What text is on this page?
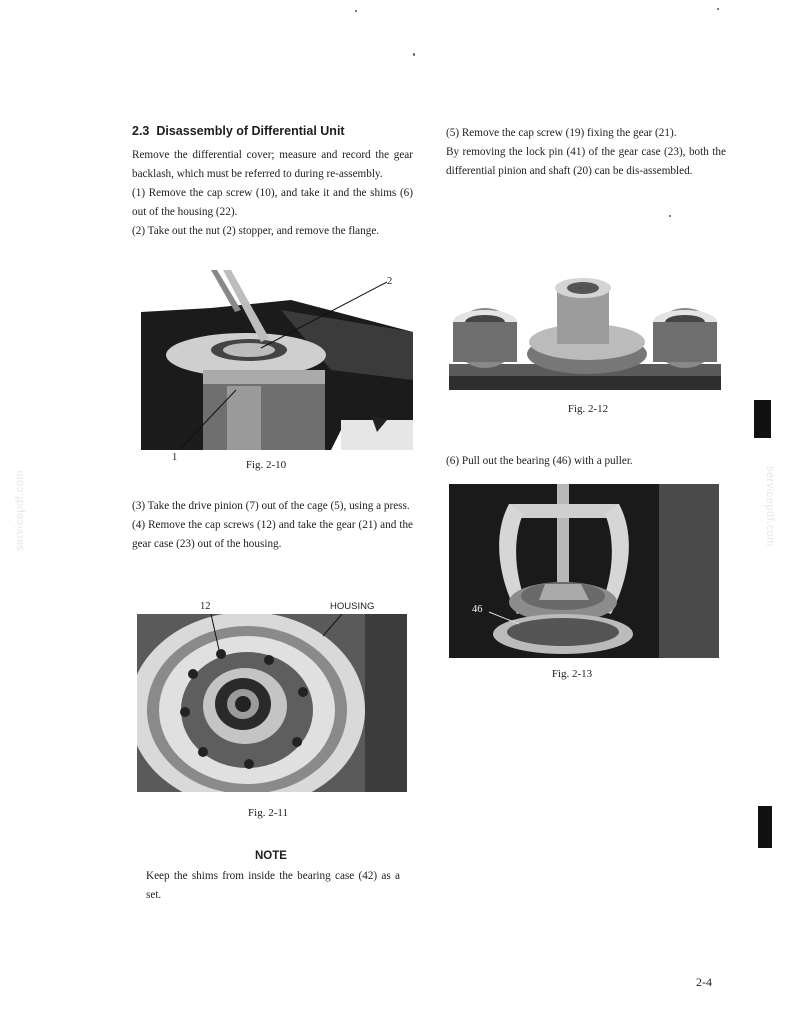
servicepdf.com	servicepdf.com
2.3 Disassembly of Differential Unit

Remove the differential cover; measure and record the gear backlash, which must be referred to during re-assembly.

(1) Remove the cap screw (10), and take it and the shims (6) out of the housing (22).

(2) Take out the nut (2) stopper, and remove the flange.

2
1
Fig. 2-10

(3) Take the drive pinion (7) out of the cage (5), using a press.

(4) Remove the cap screws (12) and take the gear (21) and the gear case (23) out of the housing.

12	HOUSING
Fig. 2-11
NOTE

Keep the shims from inside the bearing case (42) as a set.

(5) Remove the cap screw (19) fixing the gear (21).

By removing the lock pin (41) of the gear case (23), both the differential pinion and shaft (20) can be dis-assembled.

Fig. 2-12

(6) Pull out the bearing (46) with a puller.

46
Fig. 2-13
2-4
